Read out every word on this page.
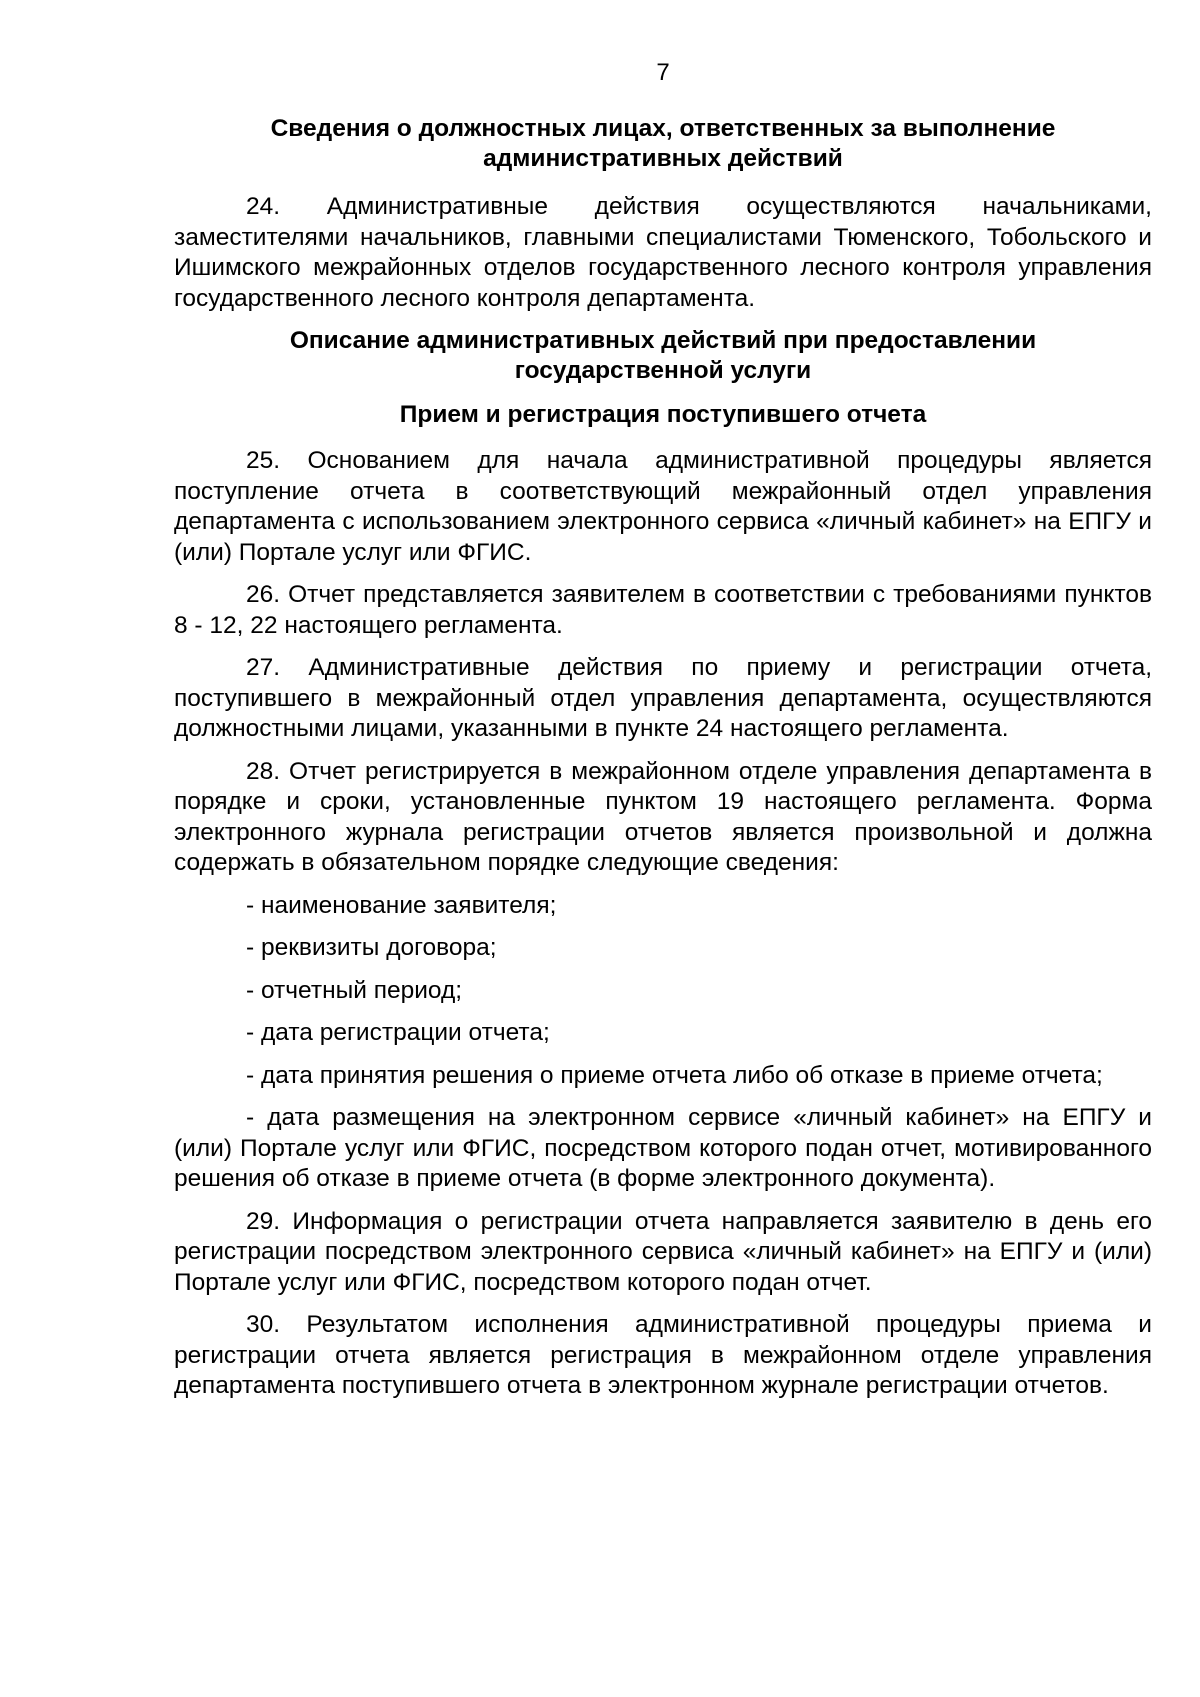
7
Сведения о должностных лицах, ответственных за выполнение
административных действий

24. Административные действия осуществляются начальниками, заместителями начальников, главными специалистами Тюменского, Тобольского и Ишимского межрайонных отделов государственного лесного контроля управления государственного лесного контроля департамента.

Описание административных действий при предоставлении
государственной услуги
Прием и регистрация поступившего отчета

25. Основанием для начала административной процедуры является поступление отчета в соответствующий межрайонный отдел управления департамента с использованием электронного сервиса «личный кабинет» на ЕПГУ и (или) Портале услуг или ФГИС.

26. Отчет представляется заявителем в соответствии с требованиями пунктов 8 - 12, 22 настоящего регламента.

27. Административные действия по приему и регистрации отчета, поступившего в межрайонный отдел управления департамента, осуществляются должностными лицами, указанными в пункте 24 настоящего регламента.

28. Отчет регистрируется в межрайонном отделе управления департамента в порядке и сроки, установленные пунктом 19 настоящего регламента. Форма электронного журнала регистрации отчетов является произвольной и должна содержать в обязательном порядке следующие сведения:

- наименование заявителя;

- реквизиты договора;

- отчетный период;

- дата регистрации отчета;

- дата принятия решения о приеме отчета либо об отказе в приеме отчета;

- дата размещения на электронном сервисе «личный кабинет» на ЕПГУ и (или) Портале услуг или ФГИС, посредством которого подан отчет, мотивированного решения об отказе в приеме отчета (в форме электронного документа).

29. Информация о регистрации отчета направляется заявителю в день его регистрации посредством электронного сервиса «личный кабинет» на ЕПГУ и (или) Портале услуг или ФГИС, посредством которого подан отчет.

30. Результатом исполнения административной процедуры приема и регистрации отчета является регистрация в межрайонном отделе управления департамента поступившего отчета в электронном журнале регистрации отчетов.
